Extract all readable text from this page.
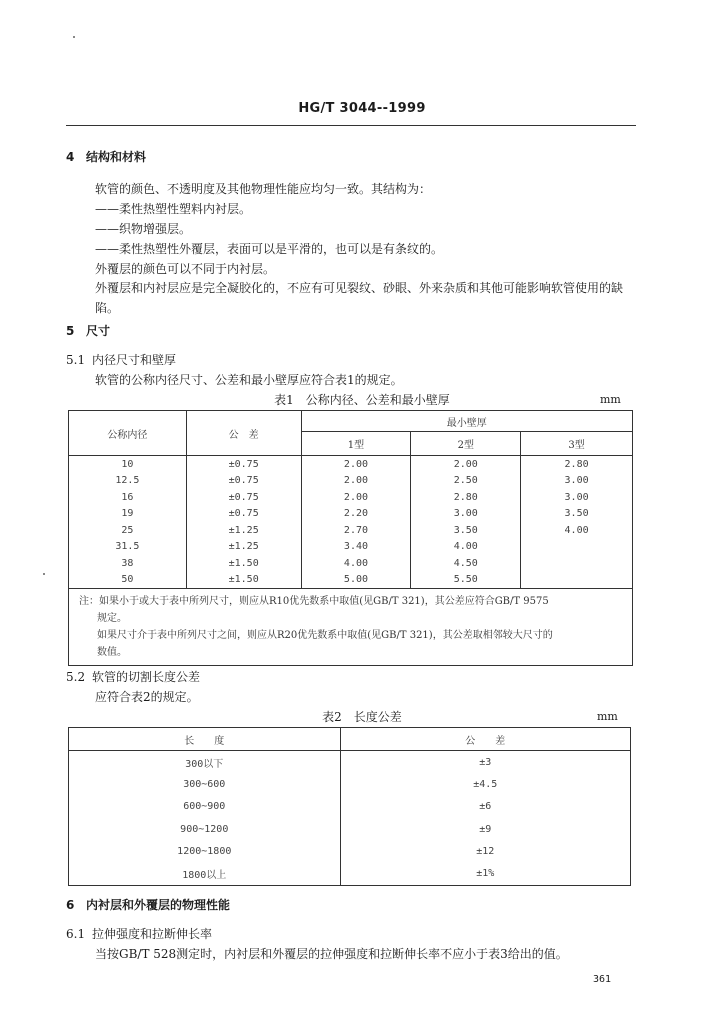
HG/T 3044--1999
4 结构和材料
软管的颜色、不透明度及其他物理性能应均匀一致。其结构为：
——柔性热塑性塑料内衬层。
——织物增强层。
——柔性热塑性外覆层，表面可以是平滑的，也可以是有条纹的。
外覆层的颜色可以不同于内衬层。
外覆层和内衬层应是完全凝胶化的，不应有可见裂纹、砂眼、外来杂质和其他可能影响软管使用的缺陷。
5 尺寸
5.1 内径尺寸和壁厚
软管的公称内径尺寸、公差和最小壁厚应符合表1的规定。
表1　公称内径、公差和最小壁厚	mm
公称内径	公　差	最小壁厚		
		1型	2型	3型
10	±0.75	2.00	2.00	2.80
12.5	±0.75	2.00	2.50	3.00
16	±0.75	2.00	2.80	3.00
19	±0.75	2.20	3.00	3.50
25	±1.25	2.70	3.50	4.00
31.5	±1.25	3.40	4.00	
38	±1.50	4.00	4.50	
50	±1.50	5.00	5.50	

注：如果小于或大于表中所列尺寸，则应从R10优先数系中取值(见GB/T 321)，其公差应符合GB/T 9575
规定。
如果尺寸介于表中所列尺寸之间，则应从R20优先数系中取值(见GB/T 321)，其公差取相邻较大尺寸的
数值。				
5.2 软管的切割长度公差
应符合表2的规定。
表2　长度公差	mm
长　　度	公　　差
300以下	±3
300~600	±4.5
600~900	±6
900~1200	±9
1200~1800	±12
1800以上	±1%
6 内衬层和外覆层的物理性能
6.1 拉伸强度和拉断伸长率
当按GB/T 528测定时，内衬层和外覆层的拉伸强度和拉断伸长率不应小于表3给出的值。
361
